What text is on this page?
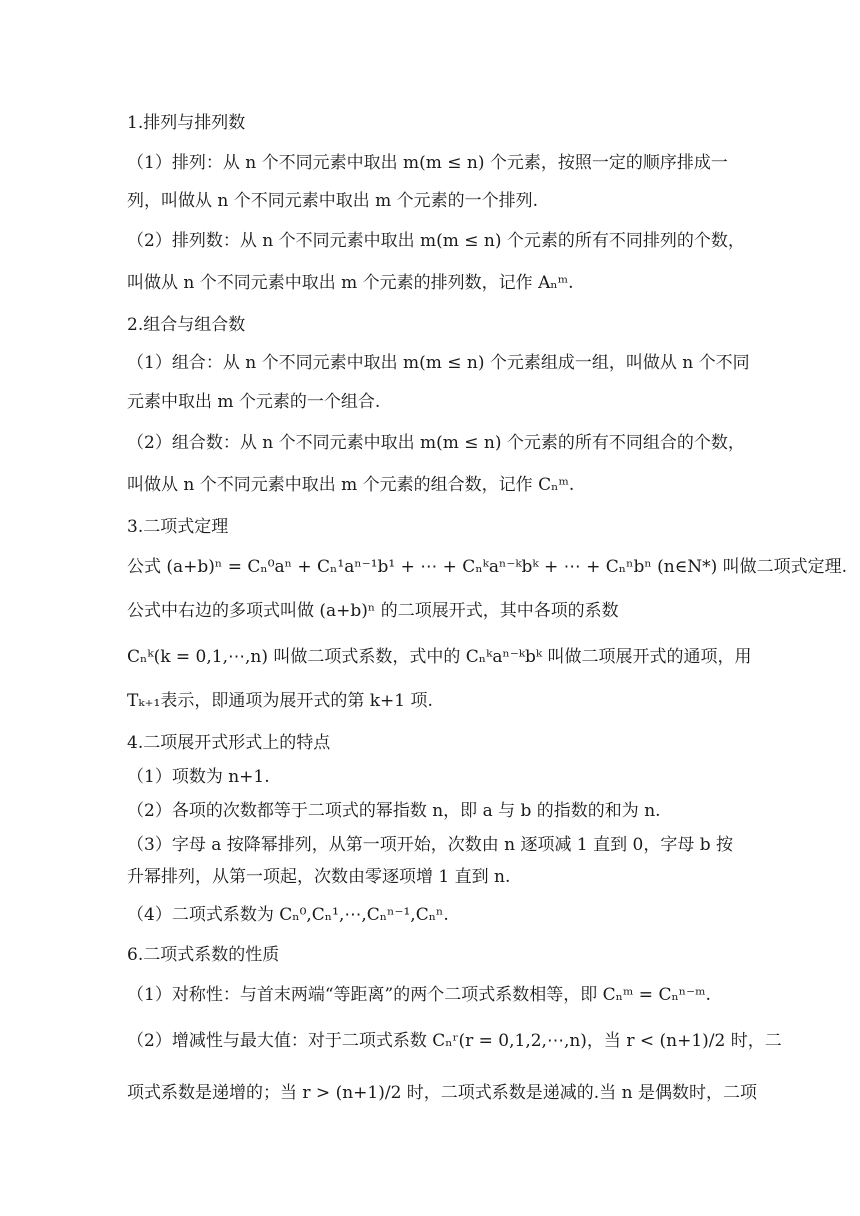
1.排列与排列数
（1）排列：从 n 个不同元素中取出 m(m ≤ n) 个元素，按照一定的顺序排成一
列，叫做从 n 个不同元素中取出 m 个元素的一个排列.
（2）排列数：从 n 个不同元素中取出 m(m ≤ n) 个元素的所有不同排列的个数，
叫做从 n 个不同元素中取出 m 个元素的排列数，记作 Aₙᵐ.
2.组合与组合数
（1）组合：从 n 个不同元素中取出 m(m ≤ n) 个元素组成一组，叫做从 n 个不同
元素中取出 m 个元素的一个组合.
（2）组合数：从 n 个不同元素中取出 m(m ≤ n) 个元素的所有不同组合的个数，
叫做从 n 个不同元素中取出 m 个元素的组合数，记作 Cₙᵐ.
3.二项式定理
公式 (a+b)ⁿ = Cₙ⁰aⁿ + Cₙ¹aⁿ⁻¹b¹ + ⋯ + Cₙᵏaⁿ⁻ᵏbᵏ + ⋯ + Cₙⁿbⁿ (n∈N*) 叫做二项式定理.
公式中右边的多项式叫做 (a+b)ⁿ 的二项展开式，其中各项的系数
Cₙᵏ(k = 0,1,⋯,n) 叫做二项式系数，式中的 Cₙᵏaⁿ⁻ᵏbᵏ 叫做二项展开式的通项，用
Tₖ₊₁表示，即通项为展开式的第 k+1 项.
4.二项展开式形式上的特点
（1）项数为 n+1.
（2）各项的次数都等于二项式的幂指数 n，即 a 与 b 的指数的和为 n.
（3）字母 a 按降幂排列，从第一项开始，次数由 n 逐项减 1 直到 0，字母 b 按
升幂排列，从第一项起，次数由零逐项增 1 直到 n.
（4）二项式系数为 Cₙ⁰,Cₙ¹,⋯,Cₙⁿ⁻¹,Cₙⁿ.
6.二项式系数的性质
（1）对称性：与首末两端“等距离”的两个二项式系数相等，即 Cₙᵐ = Cₙⁿ⁻ᵐ.
（2）增减性与最大值：对于二项式系数 Cₙʳ(r = 0,1,2,⋯,n)，当 r < (n+1)/2 时，二
项式系数是递增的；当 r > (n+1)/2 时，二项式系数是递减的.当 n 是偶数时，二项
